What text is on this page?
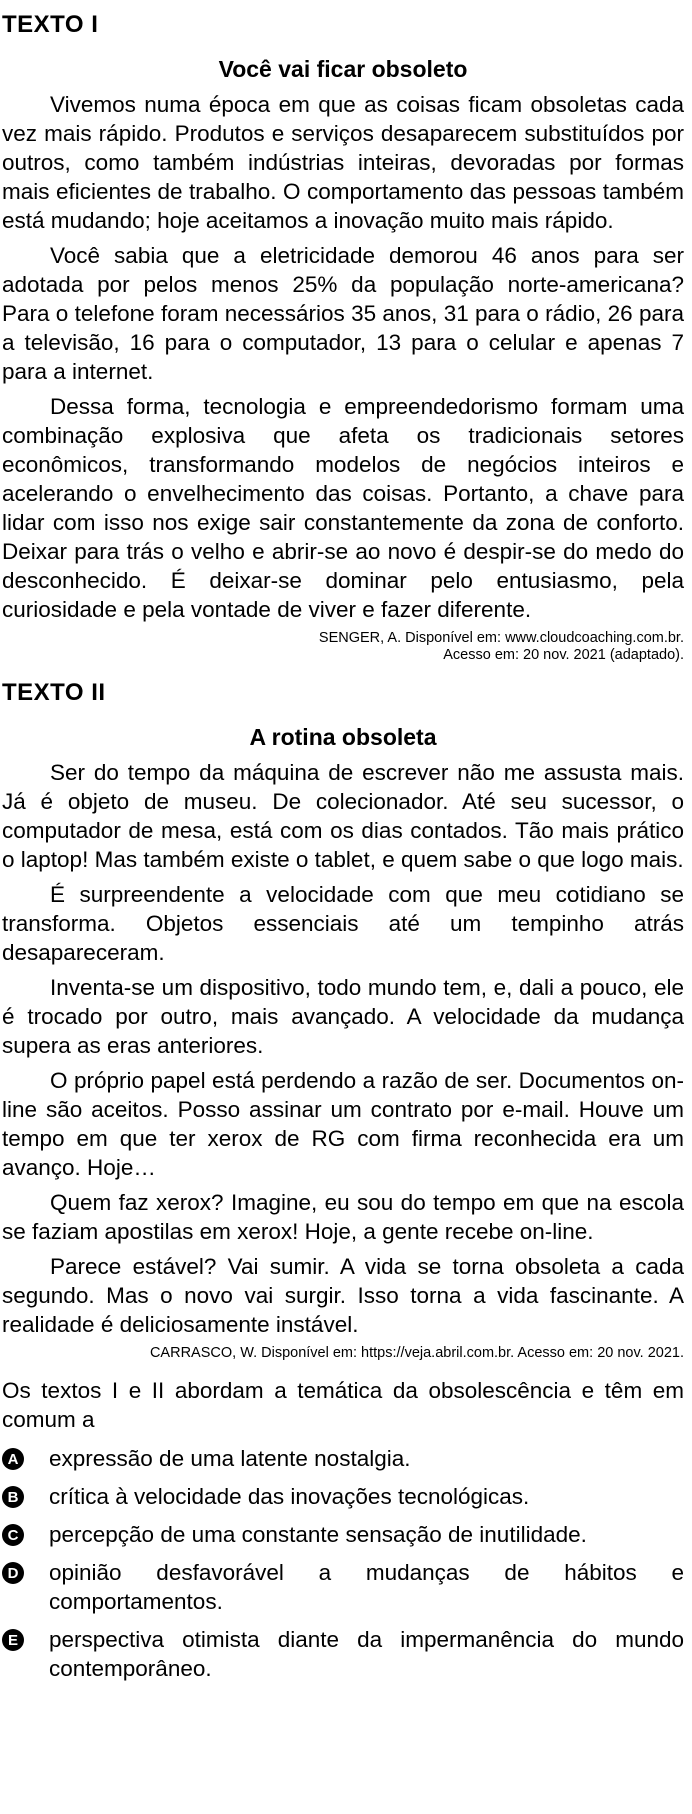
TEXTO I
Você vai ficar obsoleto

Vivemos numa época em que as coisas ficam obsoletas cada vez mais rápido. Produtos e serviços desaparecem substituídos por outros, como também indústrias inteiras, devoradas por formas mais eficientes de trabalho. O comportamento das pessoas também está mudando; hoje aceitamos a inovação muito mais rápido.

Você sabia que a eletricidade demorou 46 anos para ser adotada por pelos menos 25% da população norte-americana? Para o telefone foram necessários 35 anos, 31 para o rádio, 26 para a televisão, 16 para o computador, 13 para o celular e apenas 7 para a internet.

Dessa forma, tecnologia e empreendedorismo formam uma combinação explosiva que afeta os tradicionais setores econômicos, transformando modelos de negócios inteiros e acelerando o envelhecimento das coisas. Portanto, a chave para lidar com isso nos exige sair constantemente da zona de conforto. Deixar para trás o velho e abrir-se ao novo é despir-se do medo do desconhecido. É deixar-se dominar pelo entusiasmo, pela curiosidade e pela vontade de viver e fazer diferente.

SENGER, A. Disponível em: www.cloudcoaching.com.br.
Acesso em: 20 nov. 2021 (adaptado).
TEXTO II
A rotina obsoleta

Ser do tempo da máquina de escrever não me assusta mais. Já é objeto de museu. De colecionador. Até seu sucessor, o computador de mesa, está com os dias contados. Tão mais prático o laptop! Mas também existe o tablet, e quem sabe o que logo mais.

É surpreendente a velocidade com que meu cotidiano se transforma. Objetos essenciais até um tempinho atrás desapareceram.

Inventa-se um dispositivo, todo mundo tem, e, dali a pouco, ele é trocado por outro, mais avançado. A velocidade da mudança supera as eras anteriores.

O próprio papel está perdendo a razão de ser. Documentos on-line são aceitos. Posso assinar um contrato por e-mail. Houve um tempo em que ter xerox de RG com firma reconhecida era um avanço. Hoje…

Quem faz xerox? Imagine, eu sou do tempo em que na escola se faziam apostilas em xerox! Hoje, a gente recebe on-line.

Parece estável? Vai sumir. A vida se torna obsoleta a cada segundo. Mas o novo vai surgir. Isso torna a vida fascinante. A realidade é deliciosamente instável.

CARRASCO, W. Disponível em: https://veja.abril.com.br. Acesso em: 20 nov. 2021.
Os textos I e II abordam a temática da obsolescência e têm em comum a
A expressão de uma latente nostalgia.
B crítica à velocidade das inovações tecnológicas.
C percepção de uma constante sensação de inutilidade.
D opinião desfavorável a mudanças de hábitos e comportamentos.
E perspectiva otimista diante da impermanência do mundo contemporâneo.
